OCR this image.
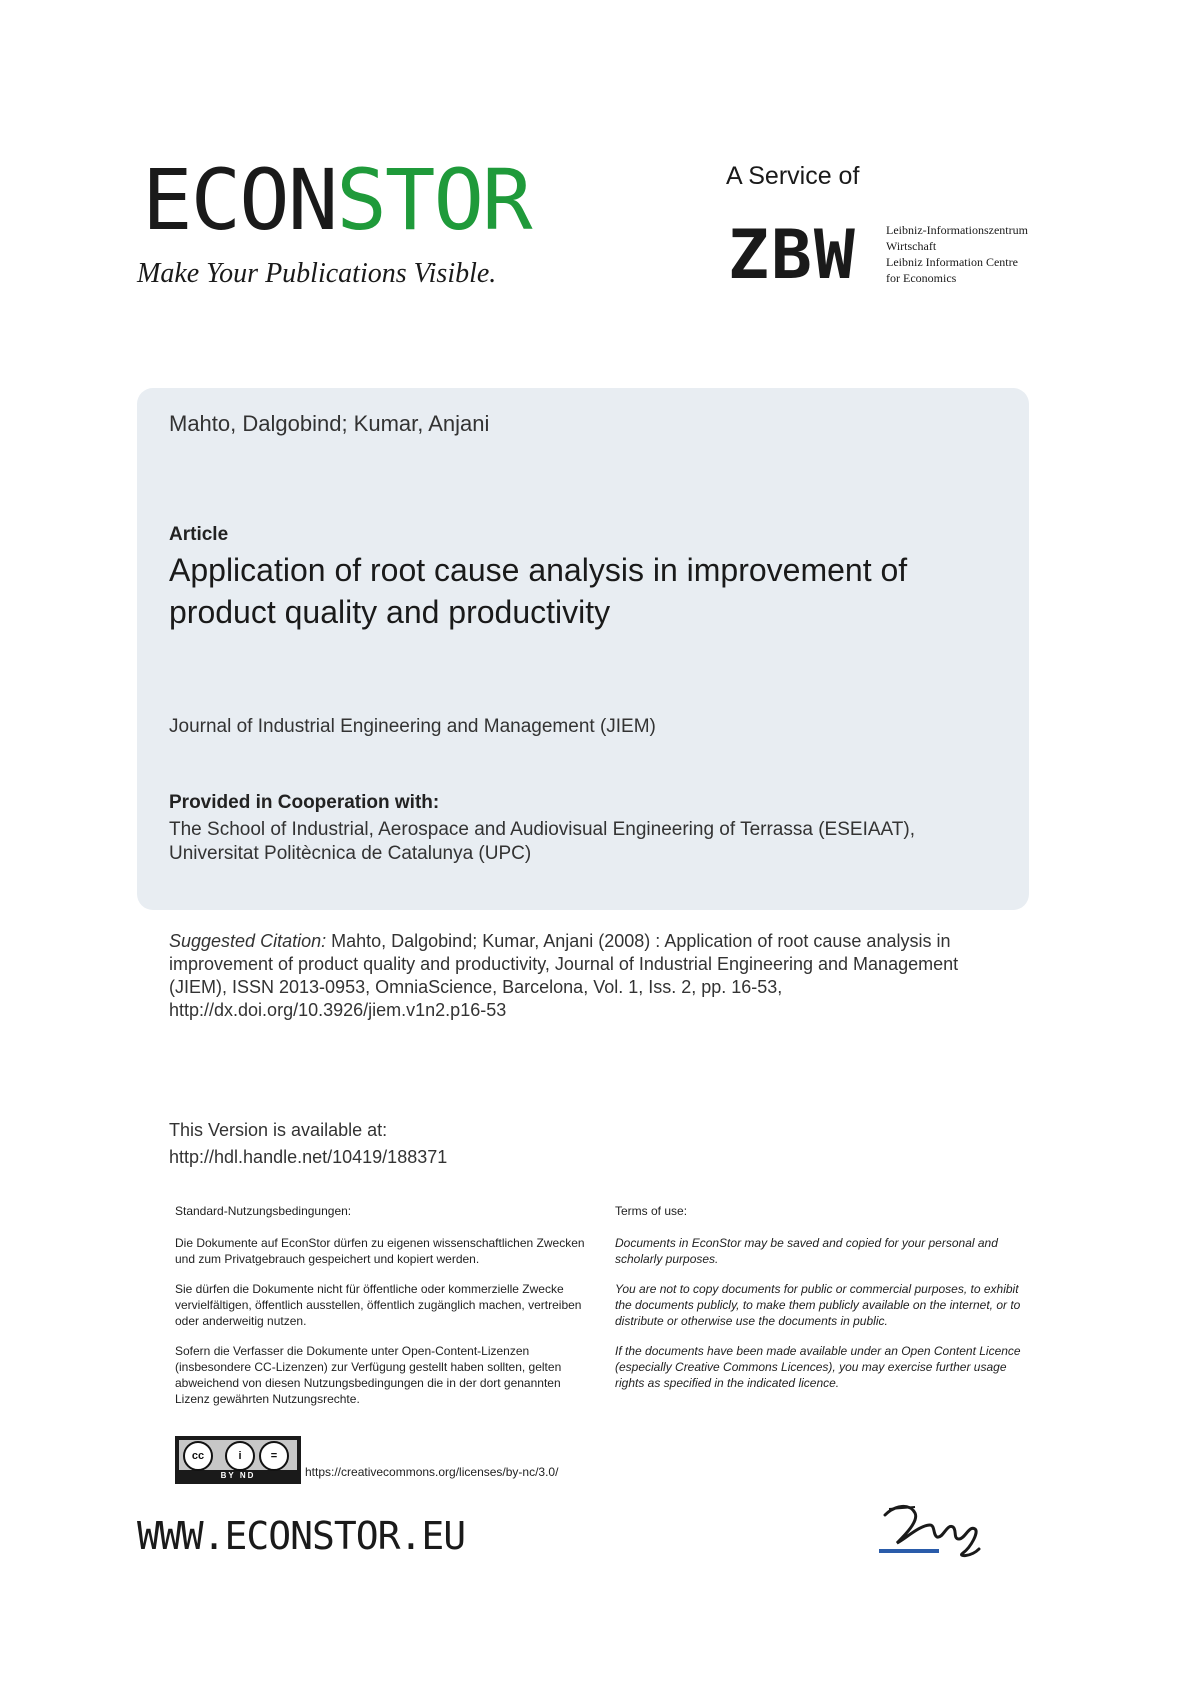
ECONSTOR
Make Your Publications Visible.
A Service of
ZBW Leibniz-Informationszentrum
Wirtschaft
Leibniz Information Centre
for Economics
Mahto, Dalgobind; Kumar, Anjani
Article
Application of root cause analysis in improvement of product quality and productivity
Journal of Industrial Engineering and Management (JIEM)
Provided in Cooperation with:
The School of Industrial, Aerospace and Audiovisual Engineering of Terrassa (ESEIAAT), Universitat Politècnica de Catalunya (UPC)
Suggested Citation: Mahto, Dalgobind; Kumar, Anjani (2008) : Application of root cause analysis in improvement of product quality and productivity, Journal of Industrial Engineering and Management (JIEM), ISSN 2013-0953, OmniaScience, Barcelona, Vol. 1, Iss. 2, pp. 16-53, http://dx.doi.org/10.3926/jiem.v1n2.p16-53
This Version is available at:
http://hdl.handle.net/10419/188371
Standard-Nutzungsbedingungen:

Die Dokumente auf EconStor dürfen zu eigenen wissenschaftlichen Zwecken und zum Privatgebrauch gespeichert und kopiert werden.

Sie dürfen die Dokumente nicht für öffentliche oder kommerzielle Zwecke vervielfältigen, öffentlich ausstellen, öffentlich zugänglich machen, vertreiben oder anderweitig nutzen.

Sofern die Verfasser die Dokumente unter Open-Content-Lizenzen (insbesondere CC-Lizenzen) zur Verfügung gestellt haben sollten, gelten abweichend von diesen Nutzungsbedingungen die in der dort genannten Lizenz gewährten Nutzungsrechte.

Terms of use:

Documents in EconStor may be saved and copied for your personal and scholarly purposes.

You are not to copy documents for public or commercial purposes, to exhibit the documents publicly, to make them publicly available on the internet, or to distribute or otherwise use the documents in public.

If the documents have been made available under an Open Content Licence (especially Creative Commons Licences), you may exercise further usage rights as specified in the indicated licence.

cc	i	=
BY ND	https://creativecommons.org/licenses/by-nc/3.0/
WWW.ECONSTOR.EU
